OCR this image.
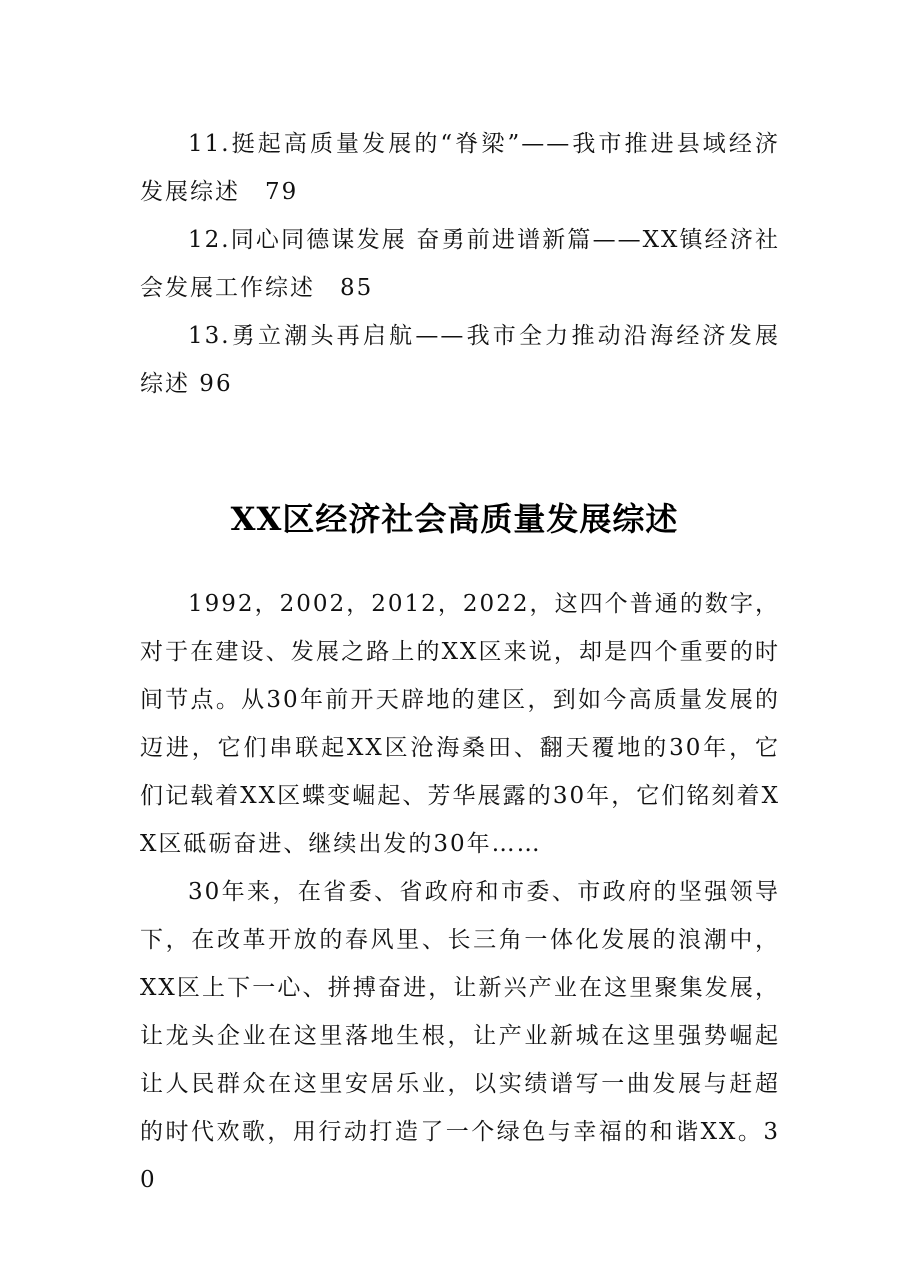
11.挺起高质量发展的“脊梁”——我市推进县域经济发展综述　79

12.同心同德谋发展 奋勇前进谱新篇——XX镇经济社会发展工作综述　85

13.勇立潮头再启航——我市全力推动沿海经济发展综述 96

XX区经济社会高质量发展综述

1992，2002，2012，2022，这四个普通的数字，对于在建设、发展之路上的XX区来说，却是四个重要的时间节点。从30年前开天辟地的建区，到如今高质量发展的迈进，它们串联起XX区沧海桑田、翻天覆地的30年，它们记载着XX区蝶变崛起、芳华展露的30年，它们铭刻着XX区砥砺奋进、继续出发的30年……

30年来，在省委、省政府和市委、市政府的坚强领导下，在改革开放的春风里、长三角一体化发展的浪潮中，XX区上下一心、拼搏奋进，让新兴产业在这里聚集发展，让龙头企业在这里落地生根，让产业新城在这里强势崛起让人民群众在这里安居乐业，以实绩谱写一曲发展与赶超的时代欢歌，用行动打造了一个绿色与幸福的和谐XX。30
